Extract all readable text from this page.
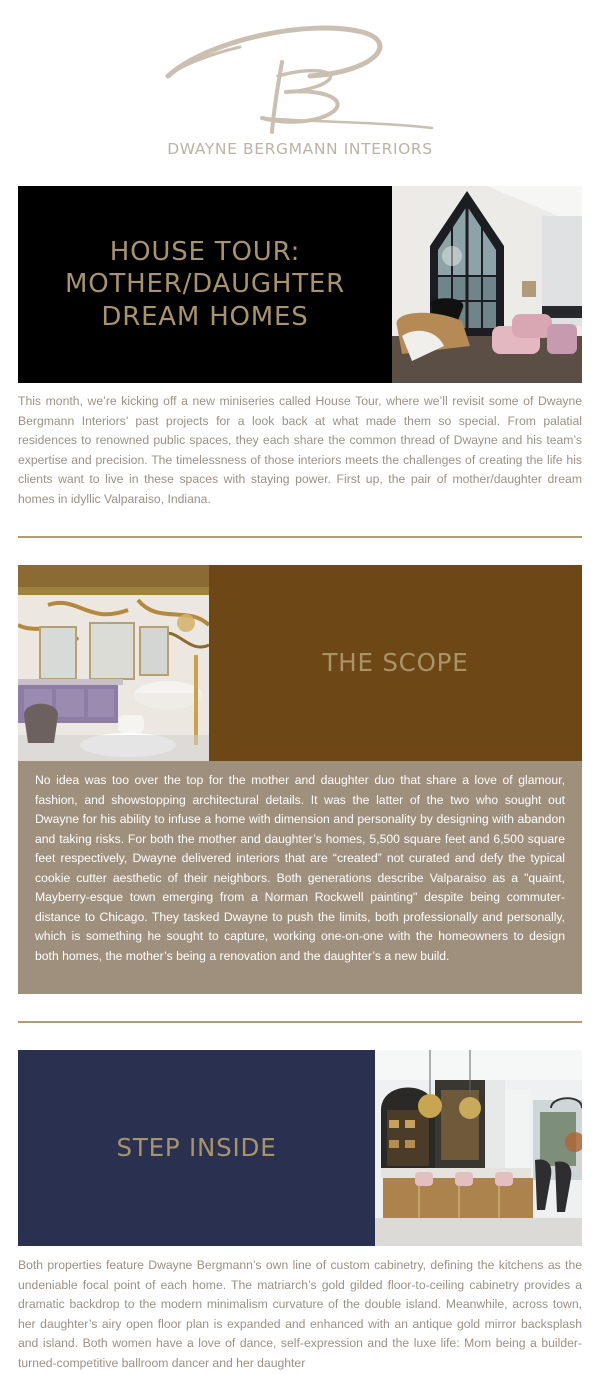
DWAYNE BERGMANN INTERIORS
HOUSE TOUR:
MOTHER/DAUGHTER
DREAM HOMES

This month, we’re kicking off a new miniseries called House Tour, where we’ll revisit some of Dwayne Bergmann Interiors’ past projects for a look back at what made them so special. From palatial residences to renowned public spaces, they each share the common thread of Dwayne and his team’s expertise and precision. The timelessness of those interiors meets the challenges of creating the life his clients want to live in these spaces with staying power. First up, the pair of mother/daughter dream homes in idyllic Valparaiso, Indiana.

THE SCOPE

No idea was too over the top for the mother and daughter duo that share a love of glamour, fashion, and showstopping architectural details. It was the latter of the two who sought out Dwayne for his ability to infuse a home with dimension and personality by designing with abandon and taking risks. For both the mother and daughter’s homes, 5,500 square feet and 6,500 square feet respectively, Dwayne delivered interiors that are “created” not curated and defy the typical cookie cutter aesthetic of their neighbors. Both generations describe Valparaiso as a "quaint, Mayberry-esque town emerging from a Norman Rockwell painting" despite being commuter-distance to Chicago. They tasked Dwayne to push the limits, both professionally and personally, which is something he sought to capture, working one-on-one with the homeowners to design both homes, the mother’s being a renovation and the daughter’s a new build.

STEP INSIDE

Both properties feature Dwayne Bergmann’s own line of custom cabinetry, defining the kitchens as the undeniable focal point of each home. The matriarch’s gold gilded floor-to-ceiling cabinetry provides a dramatic backdrop to the modern minimalism curvature of the double island. Meanwhile, across town, her daughter’s airy open floor plan is expanded and enhanced with an antique gold mirror backsplash and island. Both women have a love of dance, self-expression and the luxe life: Mom being a builder-turned-competitive ballroom dancer and her daughter
